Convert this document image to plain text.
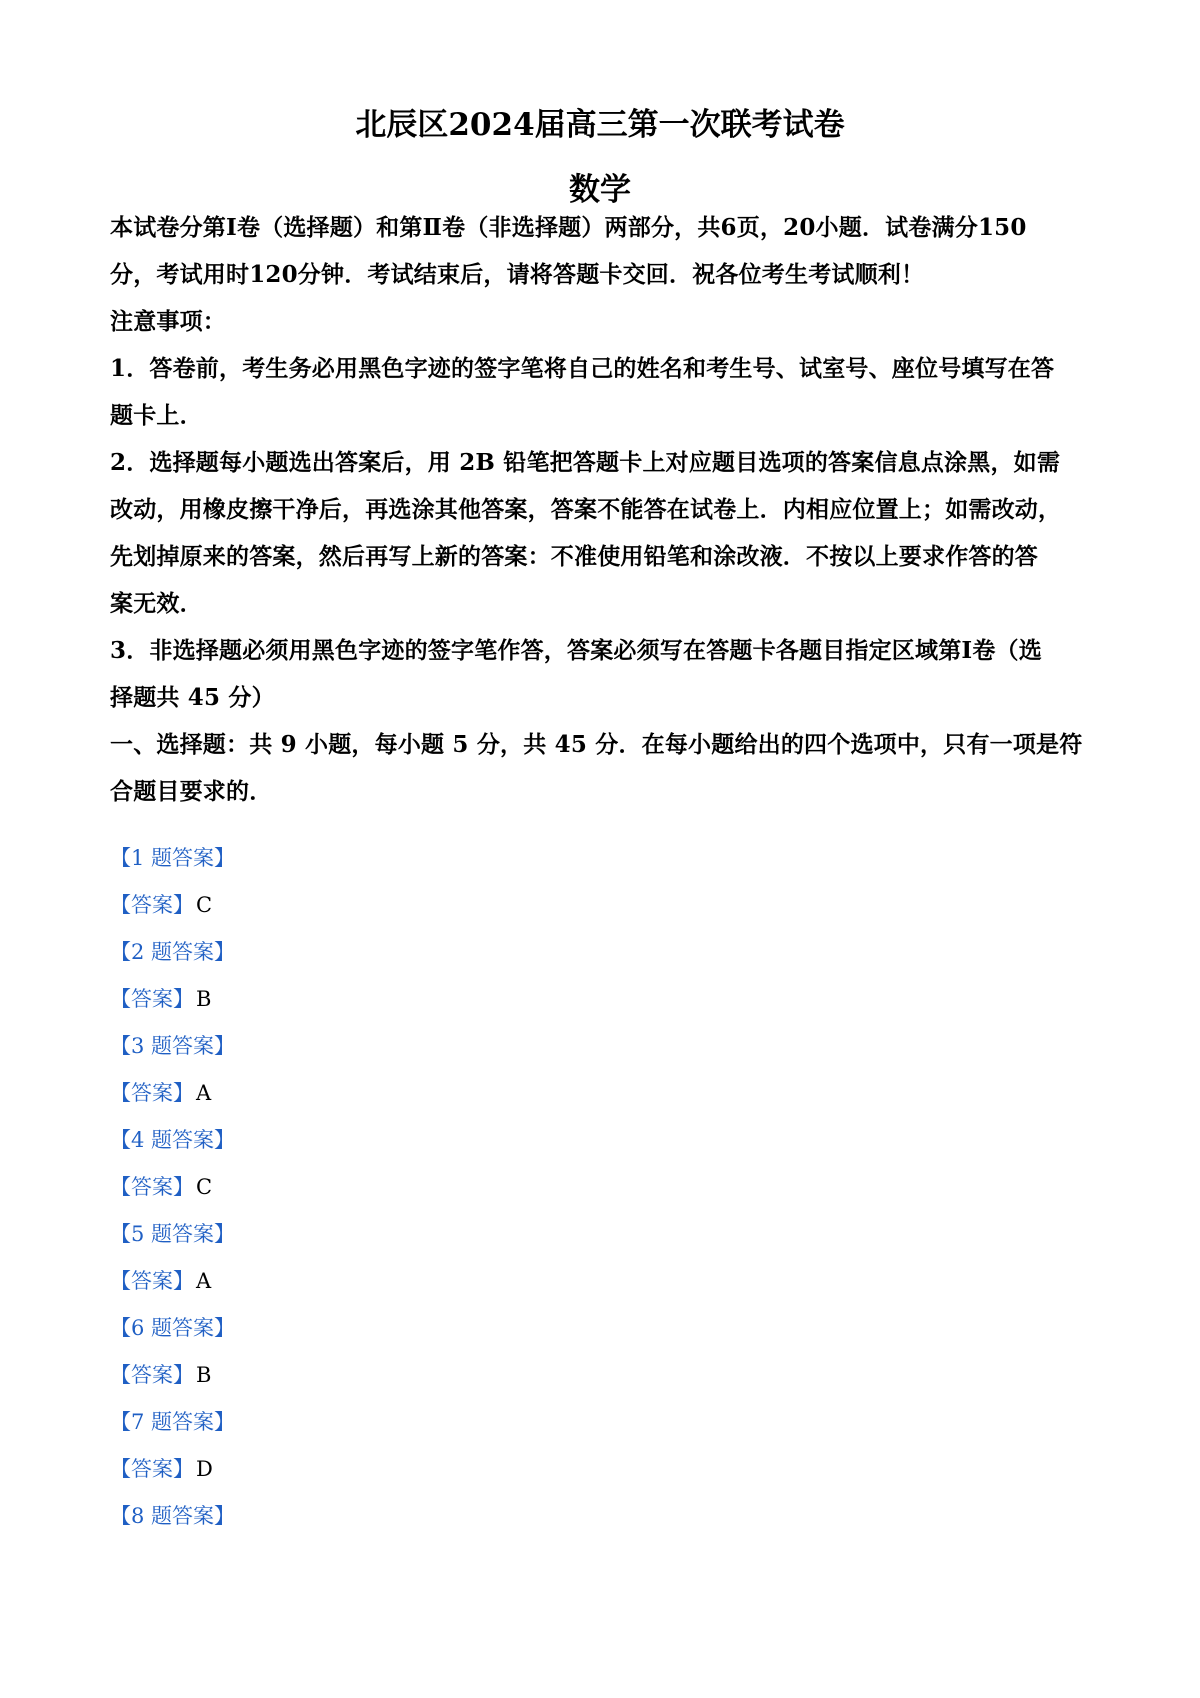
北辰区2024届高三第一次联考试卷
数学
本试卷分第Ⅰ卷（选择题）和第Ⅱ卷（非选择题）两部分，共6页，20小题．试卷满分150
分，考试用时120分钟．考试结束后，请将答题卡交回．祝各位考生考试顺利！
注意事项：
1．答卷前，考生务必用黑色字迹的签字笔将自己的姓名和考生号、试室号、座位号填写在答
题卡上．
2．选择题每小题选出答案后，用 2B 铅笔把答题卡上对应题目选项的答案信息点涂黑，如需
改动，用橡皮擦干净后，再选涂其他答案，答案不能答在试卷上．内相应位置上；如需改动，
先划掉原来的答案，然后再写上新的答案：不准使用铅笔和涂改液．不按以上要求作答的答
案无效．
3．非选择题必须用黑色字迹的签字笔作答，答案必须写在答题卡各题目指定区域第Ⅰ卷（选
择题共 45 分）
一、选择题：共 9 小题，每小题 5 分，共 45 分．在每小题给出的四个选项中，只有一项是符
合题目要求的．
【1 题答案】
【答案】C
【2 题答案】
【答案】B
【3 题答案】
【答案】A
【4 题答案】
【答案】C
【5 题答案】
【答案】A
【6 题答案】
【答案】B
【7 题答案】
【答案】D
【8 题答案】
